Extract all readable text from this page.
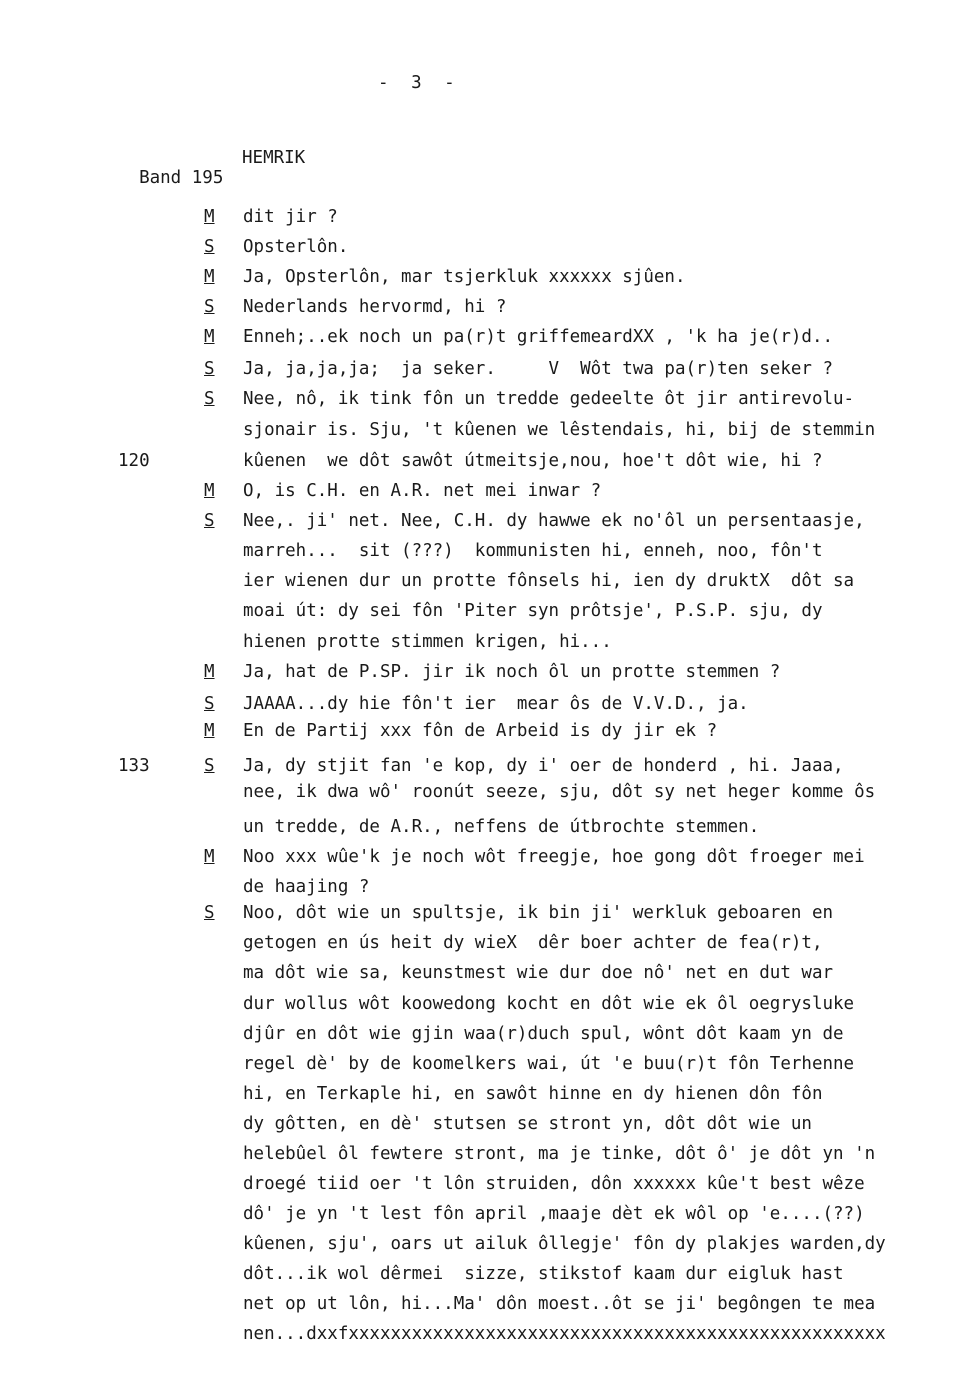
- 3 -

Band 195

HEMRIK

M dit jir ?
S Opsterlôn.
M Ja, Opsterlôn, mar tsjerkluk xxxxxx sjûen.
S Nederlands hervormd, hi ?
M Enneh;..ek noch un pa(r)t griffemeardXX , 'k ha je(r)d..
S Ja, ja,ja,ja;  ja seker.     V  Wôt twa pa(r)ten seker ?
S Nee, nô, ik tink fôn un tredde gedeelte ôt jir antirevolu-
sjonair is. Sju, 't kûenen we lêstendais, hi, bij de stemmin
120	kûenen  we dôt sawôt útmeitsje,nou, hoe't dôt wie, hi ?
M O, is C.H. en A.R. net mei inwar ?
S Nee,. ji' net. Nee, C.H. dy hawwe ek no'ôl un persentaasje,
marreh...  sit (???)  kommunisten hi, enneh, noo, fôn't
ier wienen dur un protte fônsels hi, ien dy druktX  dôt sa
moai út: dy sei fôn 'Piter syn prôtsje', P.S.P. sju, dy
hienen protte stimmen krigen, hi...
M Ja, hat de P.SP. jir ik noch ôl un protte stemmen ?
S JAAAA...dy hie fôn't ier  mear ôs de V.V.D., ja.
M En de Partij xxx fôn de Arbeid is dy jir ek ?
133	S Ja, dy stjit fan 'e kop, dy i' oer de honderd , hi. Jaaa,
nee, ik dwa wô' roonút seeze, sju, dôt sy net heger komme ôs
un tredde, de A.R., neffens de útbrochte stemmen.
M Noo xxx wûe'k je noch wôt freegje, hoe gong dôt froeger mei
de haajing ?
S Noo, dôt wie un spultsje, ik bin ji' werkluk geboaren en
getogen en ús heit dy wieX  dêr boer achter de fea(r)t,
ma dôt wie sa, keunstmest wie dur doe nô' net en dut war
dur wollus wôt koowedong kocht en dôt wie ek ôl oegrysluke
djûr en dôt wie gjin waa(r)duch spul, wônt dôt kaam yn de
regel dè' by de koomelkers wai, út 'e buu(r)t fôn Terhenne
hi, en Terkaple hi, en sawôt hinne en dy hienen dôn fôn
dy gôtten, en dè' stutsen se stront yn, dôt dôt wie un
helebûel ôl fewtere stront, ma je tinke, dôt ô' je dôt yn 'n
droegé tiid oer 't lôn struiden, dôn xxxxxx kûe't best wêze
dô' je yn 't lest fôn april ,maaje dèt ek wôl op 'e....(??)
kûenen, sju', oars ut ailuk ôllegje' fôn dy plakjes warden,dy
dôt...ik wol dêrmei  sizze, stikstof kaam dur eigluk hast
net op ut lôn, hi...Ma' dôn moest..ôt se ji' begôngen te mea
nen...dxxfxxxxxxxxxxxxxxxxxxxxxxxxxxxxxxxxxxxxxxxxxxxxxxxxxxx
